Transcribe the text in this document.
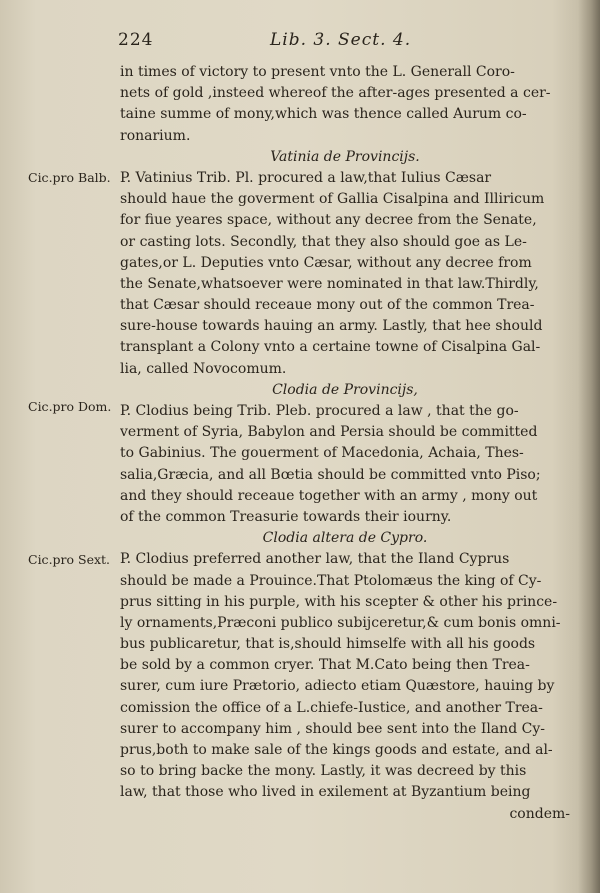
224	Lib. 3. Sect. 4.
Cic.pro Balb.
Cic.pro Dom.
Cic.pro Sext.
in times of victory to present vnto the L. Generall Coro-
nets of gold ,insteed whereof the after-ages presented a cer-
taine summe of mony,which was thence called Aurum co-
ronarium.
Vatinia de Provincijs.
P. Vatinius Trib. Pl. procured a law,that Iulius Cæsar
should haue the goverment of Gallia Cisalpina and Illiricum
for fiue yeares space, without any decree from the Senate,
or casting lots. Secondly, that they also should goe as Le-
gates,or L. Deputies vnto Cæsar, without any decree from
the Senate,whatsoever were nominated in that law.Thirdly,
that Cæsar should receaue mony out of the common Trea-
sure-house towards hauing an army. Lastly, that hee should
transplant a Colony vnto a certaine towne of Cisalpina Gal-
lia, called Novocomum.
Clodia de Provincijs,
P. Clodius being Trib. Pleb. procured a law , that the go-
verment of Syria, Babylon and Persia should be committed
to Gabinius. The gouerment of Macedonia, Achaia, Thes-
salia,Græcia, and all Bœtia should be committed vnto Piso;
and they should receaue together with an army , mony out
of the common Treasurie towards their iourny.
Clodia altera de Cypro.
P. Clodius preferred another law, that the Iland Cyprus
should be made a Prouince.That Ptolomæus the king of Cy-
prus sitting in his purple, with his scepter & other his prince-
ly ornaments,Præconi publico subijceretur,& cum bonis omni-
bus publicaretur, that is,should himselfe with all his goods
be sold by a common cryer. That M.Cato being then Trea-
surer, cum iure Prætorio, adiecto etiam Quæstore, hauing by
comission the office of a L.chiefe-Iustice, and another Trea-
surer to accompany him , should bee sent into the Iland Cy-
prus,both to make sale of the kings goods and estate, and al-
so to bring backe the mony. Lastly, it was decreed by this
law, that those who lived in exilement at Byzantium being
condem-
